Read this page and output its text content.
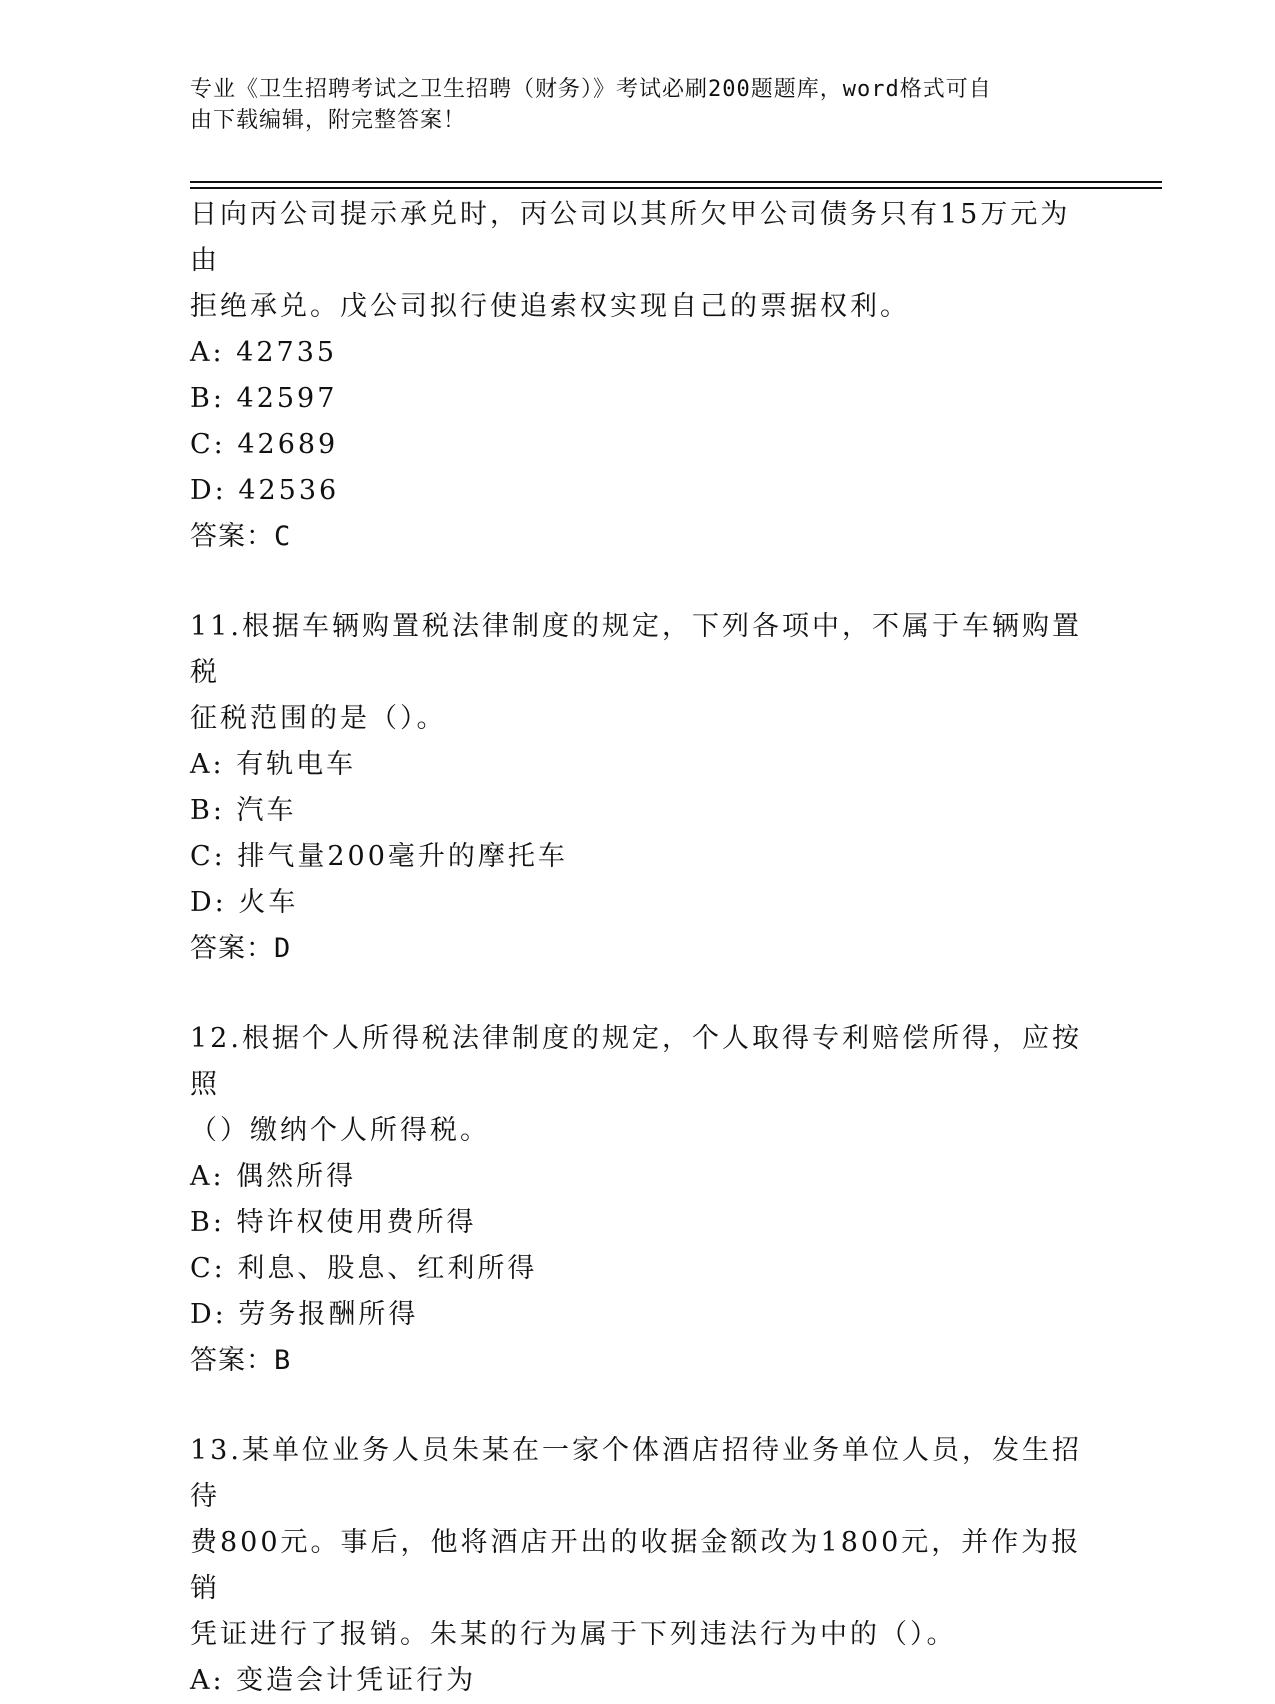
专业《卫生招聘考试之卫生招聘（财务）》考试必刷200题题库，word格式可自
由下载编辑，附完整答案！

日向丙公司提示承兑时，丙公司以其所欠甲公司债务只有15万元为由

拒绝承兑。戊公司拟行使追索权实现自己的票据权利。

A: 42735

B: 42597

C: 42689

D: 42536

答案：C

11.根据车辆购置税法律制度的规定，下列各项中，不属于车辆购置税

征税范围的是（）。

A: 有轨电车

B: 汽车

C: 排气量200毫升的摩托车

D: 火车

答案：D

12.根据个人所得税法律制度的规定，个人取得专利赔偿所得，应按照

（）缴纳个人所得税。

A: 偶然所得

B: 特许权使用费所得

C: 利息、股息、红利所得

D: 劳务报酬所得

答案：B

13.某单位业务人员朱某在一家个体酒店招待业务单位人员，发生招待

费800元。事后，他将酒店开出的收据金额改为1800元，并作为报销

凭证进行了报销。朱某的行为属于下列违法行为中的（）。

A: 变造会计凭证行为
